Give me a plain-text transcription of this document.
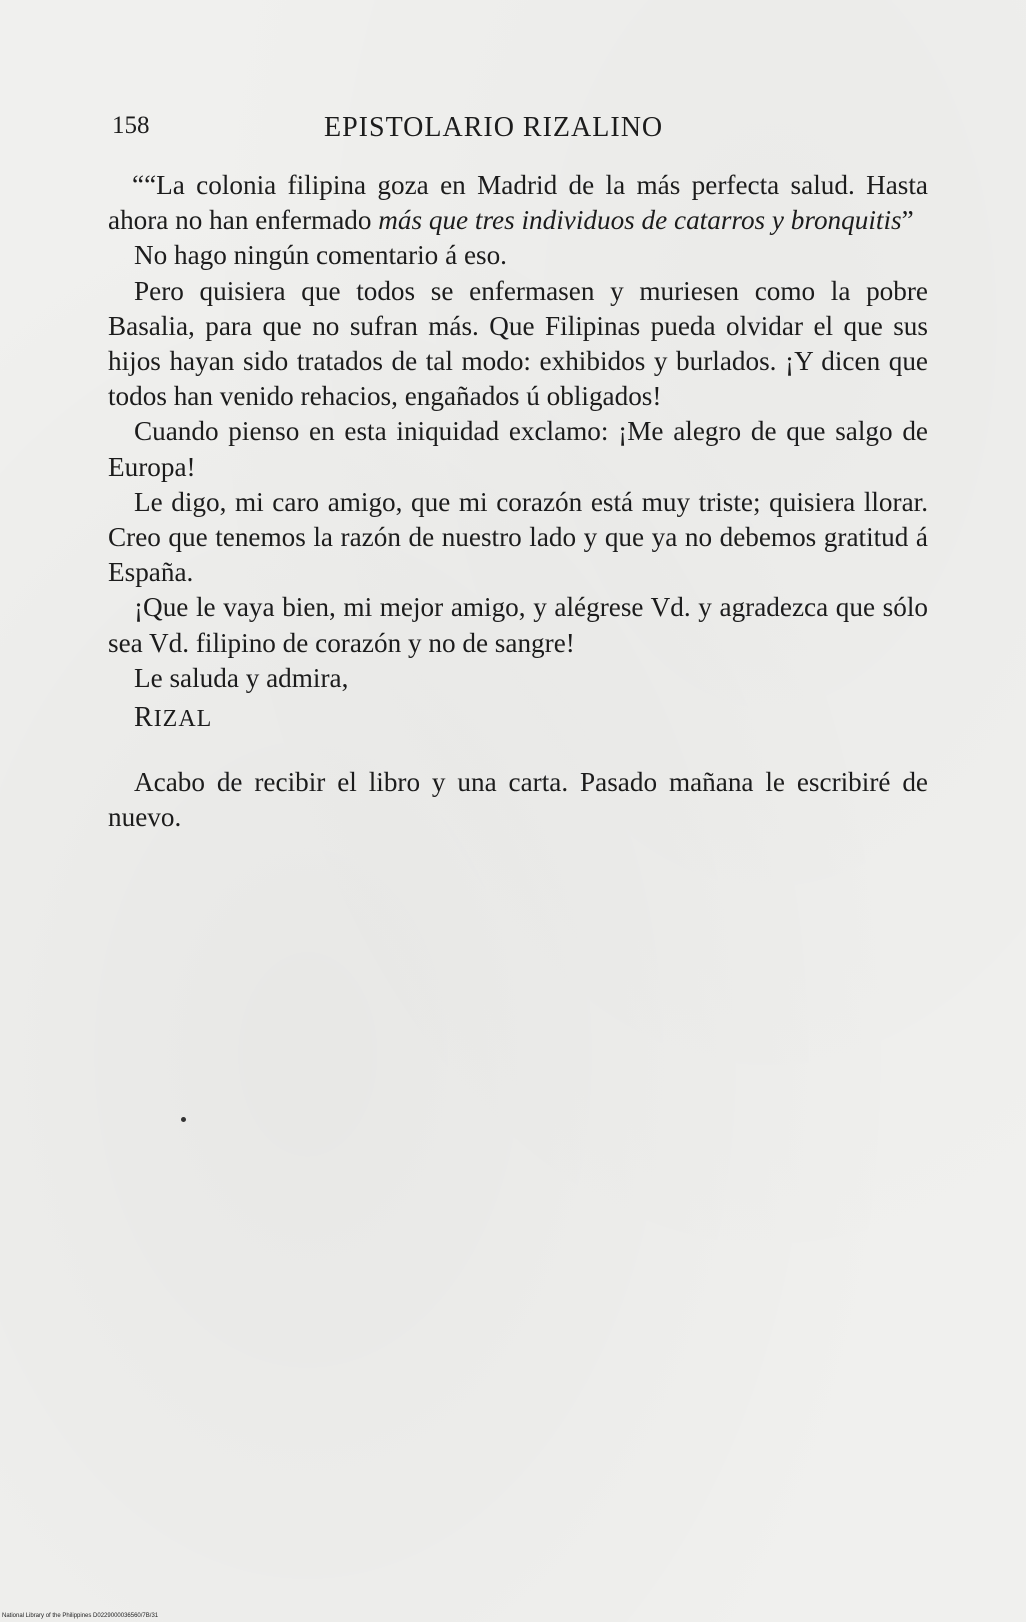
158	EPISTOLARIO RIZALINO

““La colonia filipina goza en Madrid de la más perfecta salud. Hasta ahora no han enfermado más que tres individuos de catarros y bronquitis”

No hago ningún comentario á eso.

Pero quisiera que todos se enfermasen y muriesen como la pobre Basalia, para que no sufran más. Que Filipinas pueda olvidar el que sus hijos hayan sido tratados de tal modo: exhibidos y burlados. ¡Y dicen que todos han venido rehacios, engañados ú obligados!

Cuando pienso en esta iniquidad exclamo: ¡Me alegro de que salgo de Europa!

Le digo, mi caro amigo, que mi corazón está muy triste; quisiera llorar. Creo que tenemos la razón de nuestro lado y que ya no debemos gratitud á España.

¡Que le vaya bien, mi mejor amigo, y alégrese Vd. y agradezca que sólo sea Vd. filipino de corazón y no de sangre!

Le saluda y admira,

RIZAL

Acabo de recibir el libro y una carta. Pasado mañana le escribiré de nuevo.

National Library of the Philippines D0229000036560/7B/31
